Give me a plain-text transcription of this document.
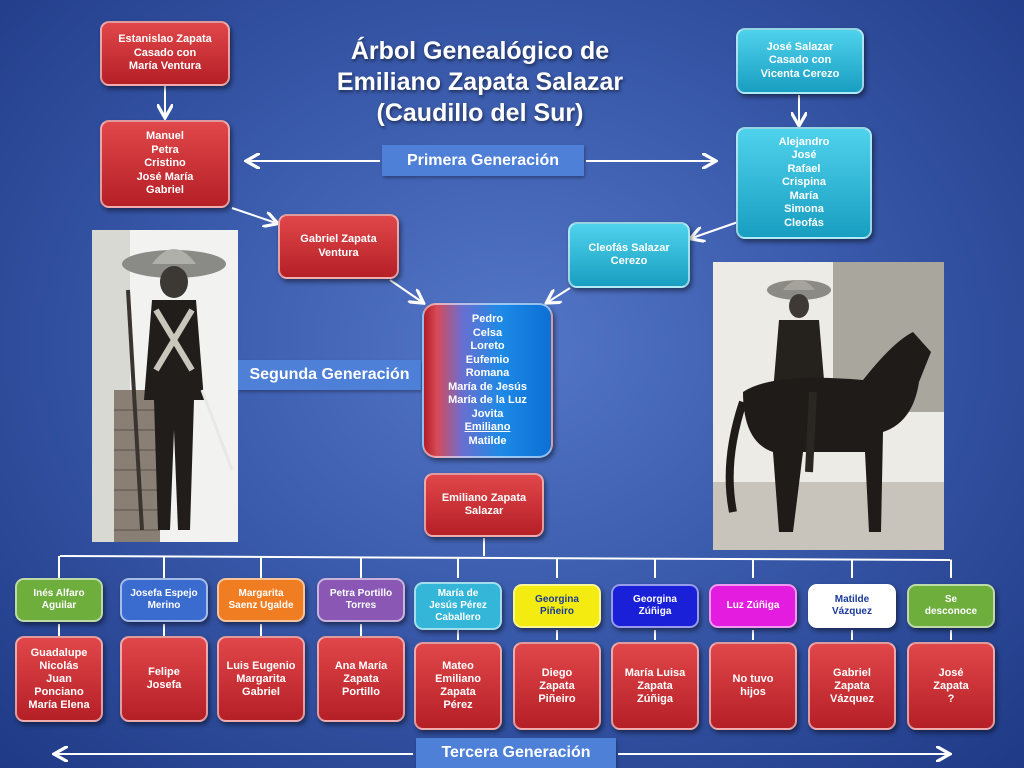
Árbol Genealógico de
Emiliano Zapata Salazar
(Caudillo del Sur)
Primera Generación
Segunda Generación
Tercera Generación
Estanislao Zapata
Casado con
María Ventura
Manuel
Petra
Cristino
José María
Gabriel
Gabriel Zapata
Ventura
José Salazar
Casado con
Vicenta Cerezo
Alejandro
José
Rafael
Crispina
María
Simona
Cleofás
Cleofás Salazar
Cerezo
Pedro
Celsa
Loreto
Eufemio
Romana
María de Jesús
María de la Luz
Jovita
Emiliano
Matilde
Emiliano Zapata
Salazar
Inés Alfaro
Aguilar
Josefa Espejo
Merino
Margarita
Saenz Ugalde
Petra Portillo
Torres
María de
Jesús Pérez
Caballero
Georgina
Piñeiro
Georgina
Zúñiga
Luz Zúñiga
Matilde
Vázquez
Se
desconoce
Guadalupe
Nicolás
Juan
Ponciano
María Elena
Felipe
Josefa
Luis Eugenio
Margarita
Gabriel
Ana María
Zapata
Portillo
Mateo
Emiliano
Zapata
Pérez
Diego
Zapata
Piñeiro
María Luisa
Zapata
Zúñiga
No tuvo
hijos
Gabriel
Zapata
Vázquez
José
Zapata
?
